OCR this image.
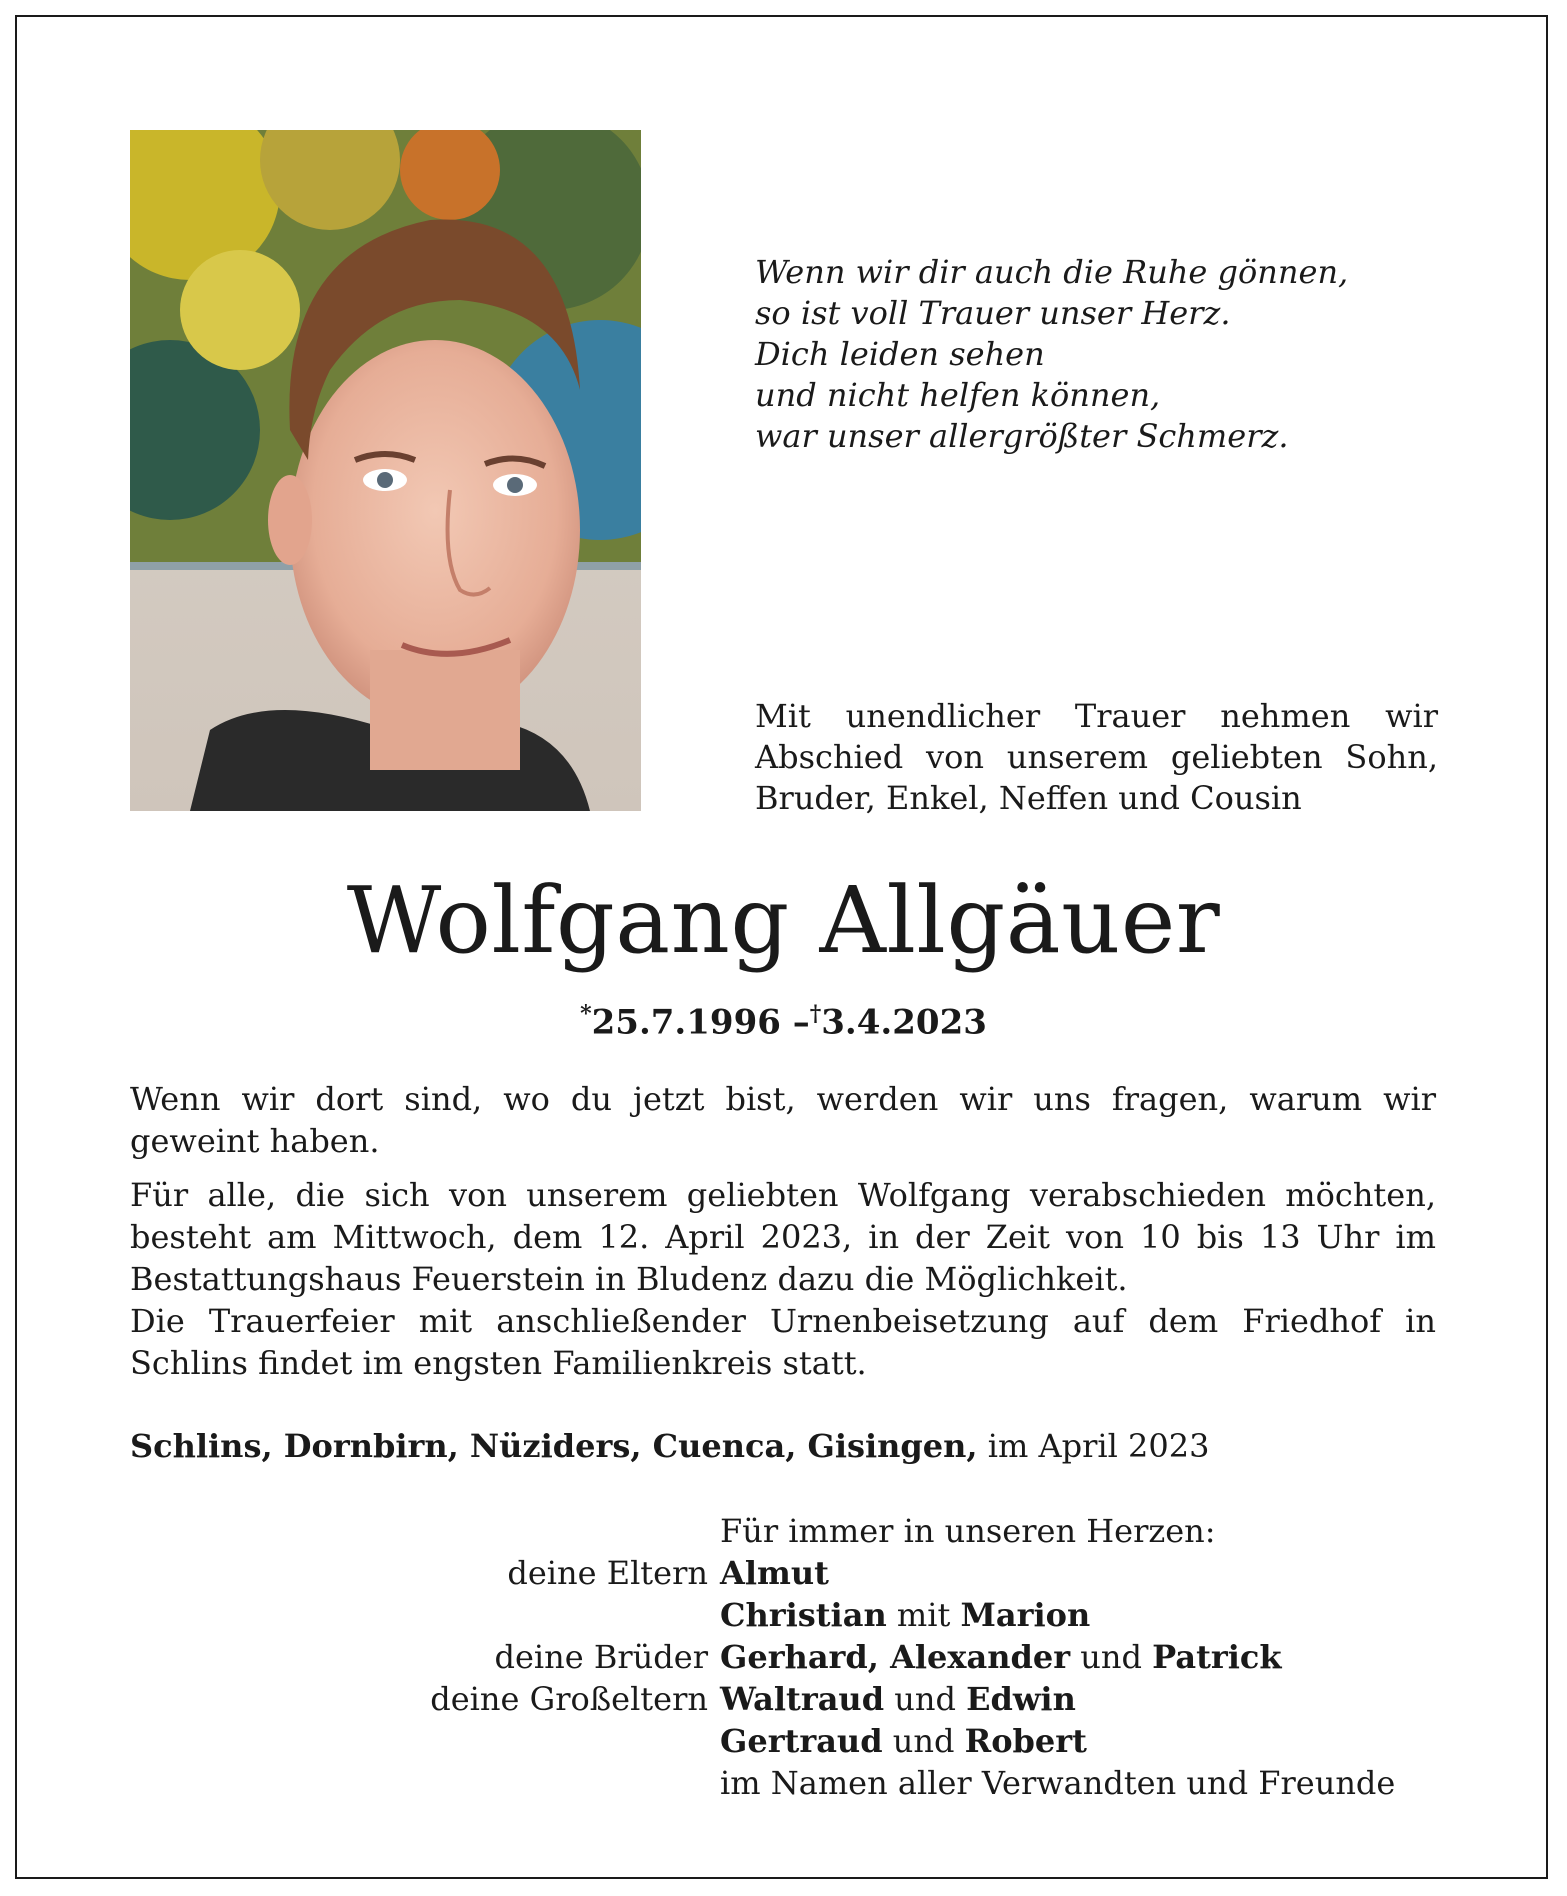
Wenn wir dir auch die Ruhe gönnen,
so ist voll Trauer unser Herz.
Dich leiden sehen
und nicht helfen können,
war unser allergrößter Schmerz.
Mit unendlicher Trauer nehmen wir
Abschied von unserem geliebten Sohn,
Bruder, Enkel, Neffen und Cousin
Wolfgang Allgäuer
*25.7.1996 –†3.4.2023
Wenn wir dort sind, wo du jetzt bist, werden wir uns fragen, warum wir
geweint haben.
Für alle, die sich von unserem geliebten Wolfgang verabschieden möchten,
besteht am Mittwoch, dem 12. April 2023, in der Zeit von 10 bis 13 Uhr im
Bestattungshaus Feuerstein in Bludenz dazu die Möglichkeit.
Die Trauerfeier mit anschließender Urnenbeisetzung auf dem Friedhof in
Schlins findet im engsten Familienkreis statt.
Schlins, Dornbirn, Nüziders, Cuenca, Gisingen, im April 2023
Für immer in unseren Herzen:
deine Eltern Almut
Christian mit Marion
deine Brüder Gerhard, Alexander und Patrick
deine Großeltern Waltraud und Edwin
Gertraud und Robert
im Namen aller Verwandten und Freunde
